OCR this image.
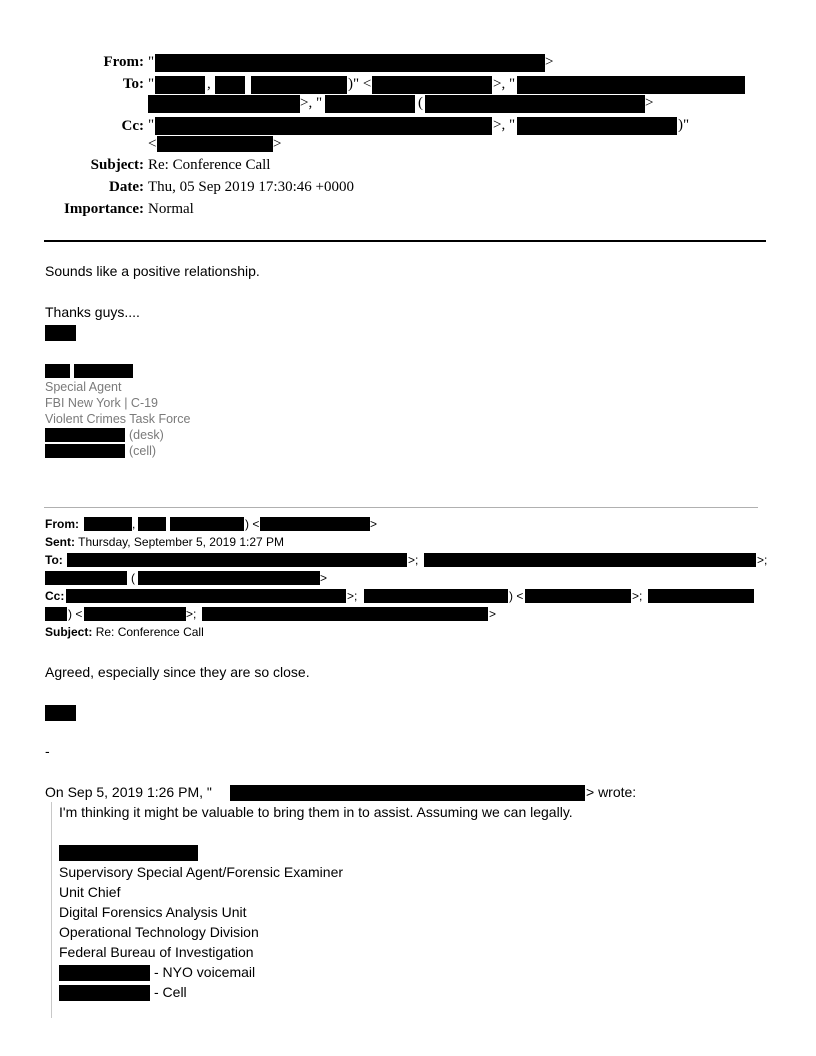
From: "	>
To: "	,	)" <	>, "
>, "	(	>
Cc: "	>, "	)"
<	>
Subject: Re: Conference Call
Date: Thu, 05 Sep 2019 17:30:46 +0000
Importance: Normal
Sounds like a positive relationship.
Thanks guys....
Special Agent
FBI New York | C-19
Violent Crimes Task Force
(desk)
(cell)
From:	,	) <	>
Sent: Thursday, September 5, 2019 1:27 PM
To:	>;	>;
(	>
Cc:	>;	) <	>;
) <	>;	>
Subject: Re: Conference Call
Agreed, especially since they are so close.
-
On Sep 5, 2019 1:26 PM, "	> wrote:
I'm thinking it might be valuable to bring them in to assist. Assuming we can legally.
Supervisory Special Agent/Forensic Examiner
Unit Chief
Digital Forensics Analysis Unit
Operational Technology Division
Federal Bureau of Investigation
- NYO voicemail
- Cell
